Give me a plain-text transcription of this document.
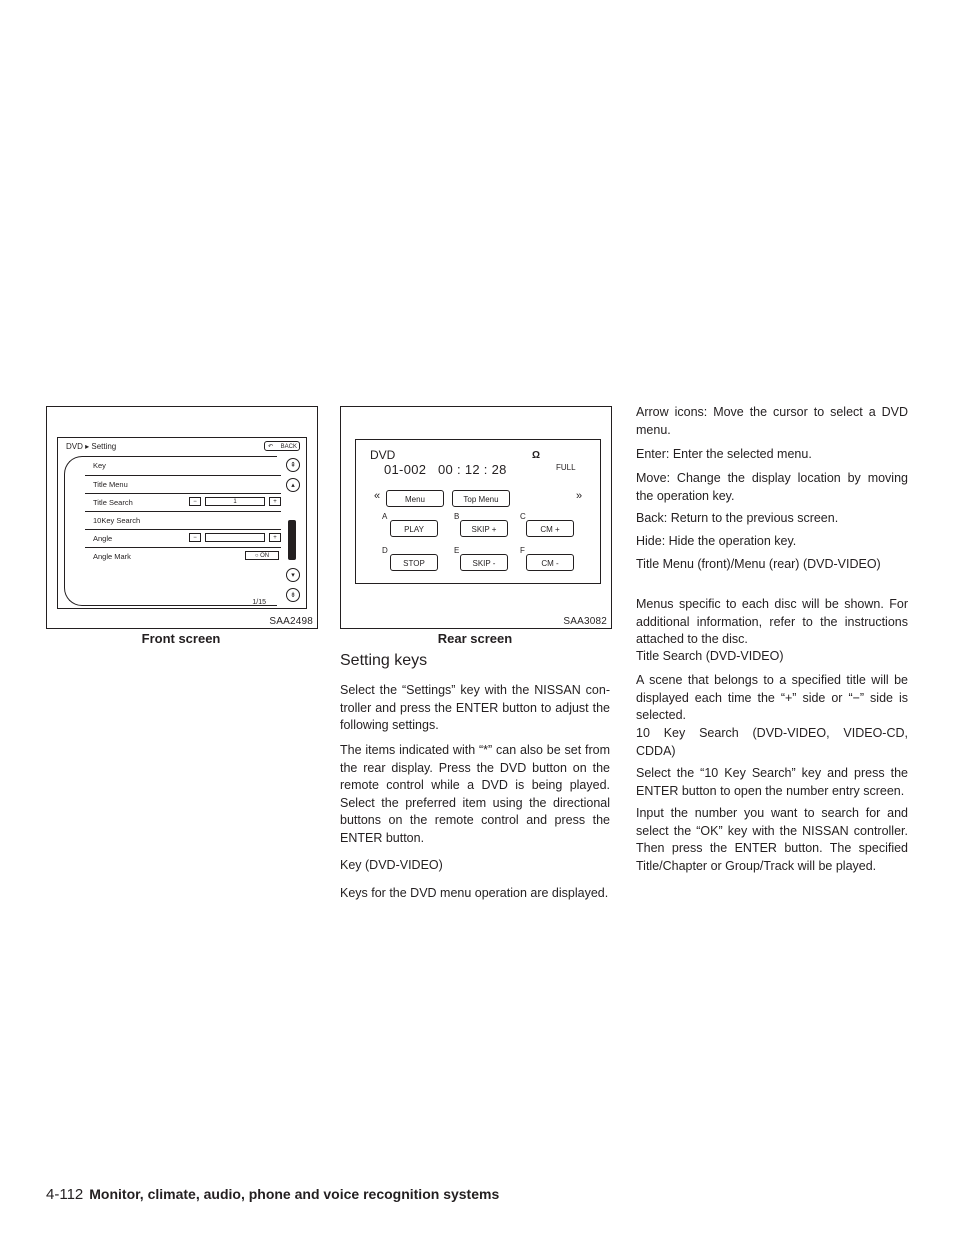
DVD ▸ Setting	↶ BACK
Key
Title Menu
Title Search	−	1	+
10Key Search
Angle	−	+
Angle Mark	○ ON
⇞
▴
▾
⇟
1/15
SAA2498
Front screen
DVD
01-002 00 : 12 : 28
Ω
FULL
«	Menu	Top Menu	»
A
PLAY
B
SKIP +
C
CM +
D
STOP
E
SKIP -
F
CM -
SAA3082
Rear screen
Setting keys
Select the “Settings” key with the NISSAN con-troller and press the ENTER button to adjust the following settings.
The items indicated with “*” can also be set from the rear display. Press the DVD button on the remote control while a DVD is being played. Select the preferred item using the directional buttons on the remote control and press the ENTER button.
Key (DVD-VIDEO)
Keys for the DVD menu operation are displayed.
Arrow icons: Move the cursor to select a DVD menu.
Enter: Enter the selected menu.
Move: Change the display location by moving the operation key.
Back: Return to the previous screen.
Hide: Hide the operation key.
Title Menu (front)/Menu (rear) (DVD-VIDEO)
Menus specific to each disc will be shown. For additional information, refer to the instructions attached to the disc.
Title Search (DVD-VIDEO)
A scene that belongs to a specified title will be displayed each time the “+” side or “−” side is selected.
10 Key Search (DVD-VIDEO, VIDEO-CD, CDDA)
Select the “10 Key Search” key and press the ENTER button to open the number entry screen.
Input the number you want to search for and select the “OK” key with the NISSAN controller. Then press the ENTER button. The specified Title/Chapter or Group/Track will be played.
4-112 Monitor, climate, audio, phone and voice recognition systems
